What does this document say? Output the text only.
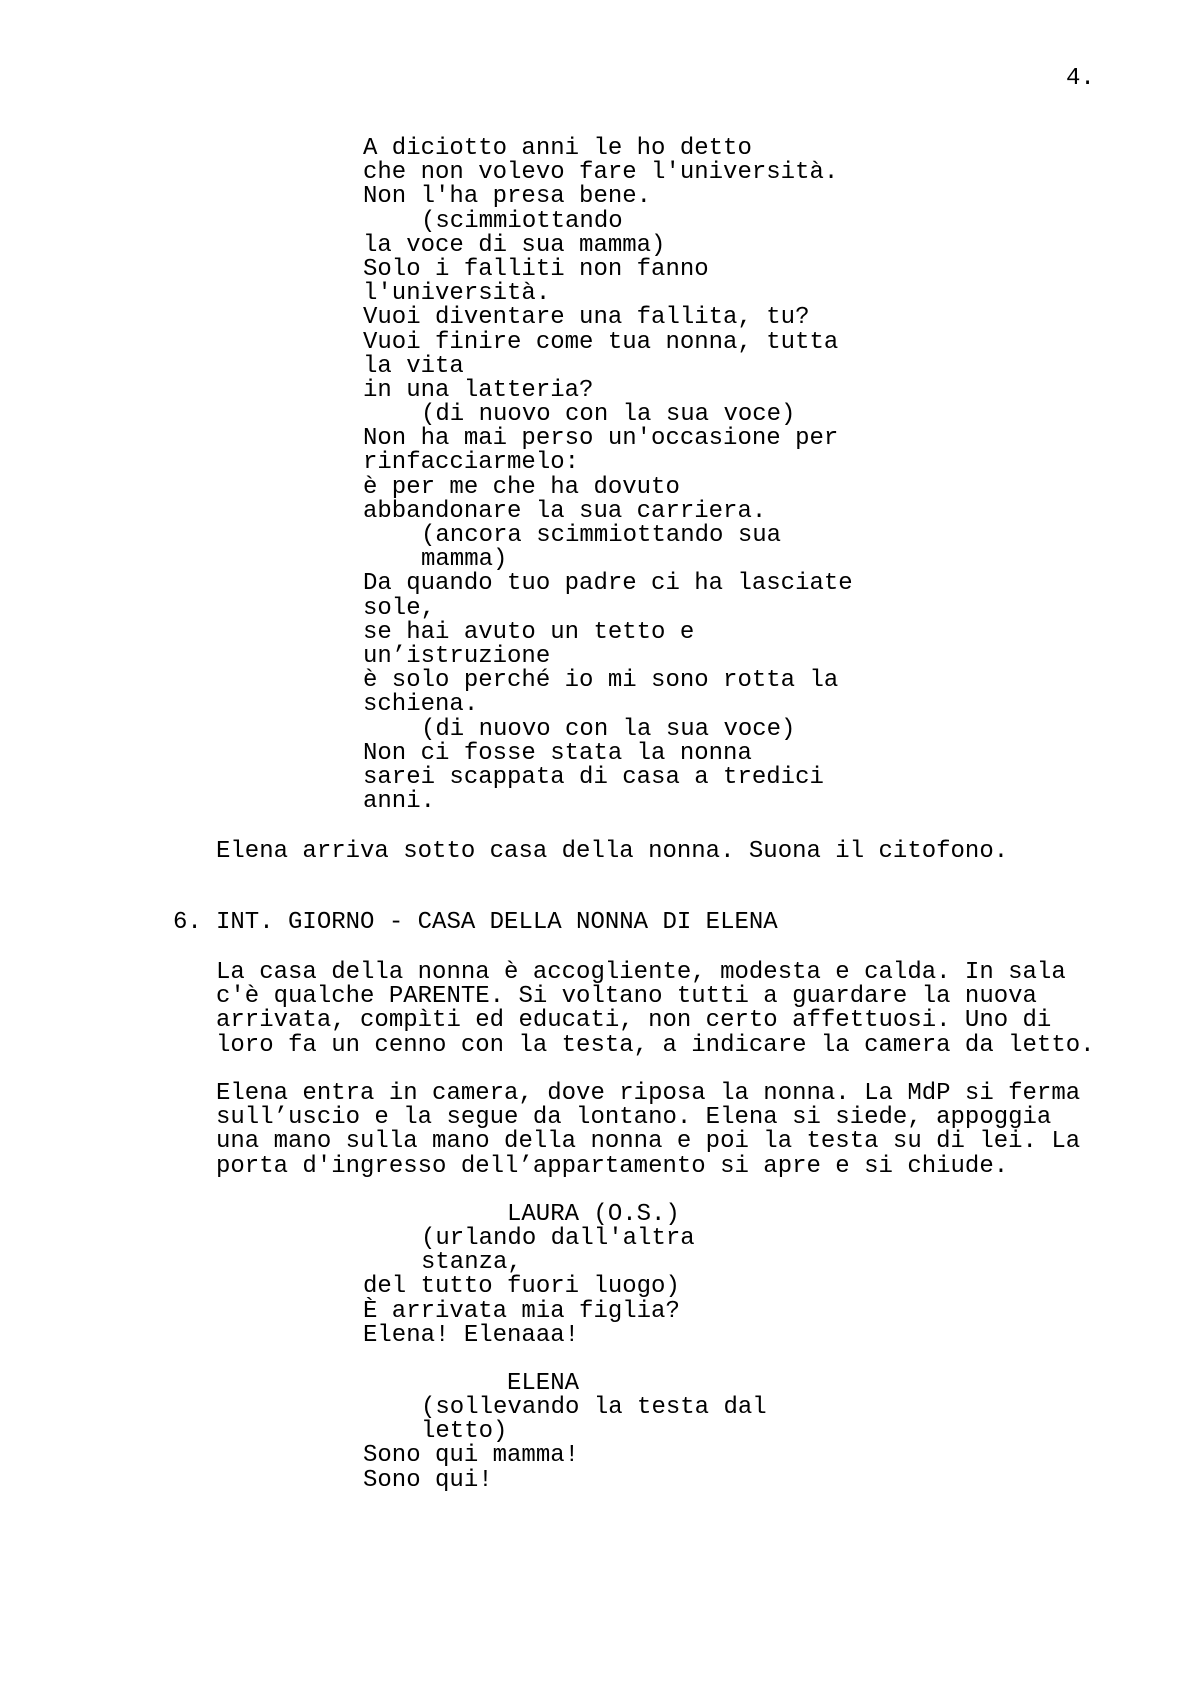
4.
A diciotto anni le ho detto
che non volevo fare l'università.
Non l'ha presa bene.
(scimmiottando
la voce di sua mamma)
Solo i falliti non fanno
l'università.
Vuoi diventare una fallita, tu?
Vuoi finire come tua nonna, tutta
la vita
in una latteria?
(di nuovo con la sua voce)
Non ha mai perso un'occasione per
rinfacciarmelo:
è per me che ha dovuto
abbandonare la sua carriera.
(ancora scimmiottando sua
mamma)
Da quando tuo padre ci ha lasciate
sole,
se hai avuto un tetto e
un’istruzione
è solo perché io mi sono rotta la
schiena.
(di nuovo con la sua voce)
Non ci fosse stata la nonna
sarei scappata di casa a tredici
anni.
Elena arriva sotto casa della nonna. Suona il citofono.
6. INT. GIORNO - CASA DELLA NONNA DI ELENA
La casa della nonna è accogliente, modesta e calda. In sala
c'è qualche PARENTE. Si voltano tutti a guardare la nuova
arrivata, compìti ed educati, non certo affettuosi. Uno di
loro fa un cenno con la testa, a indicare la camera da letto.
Elena entra in camera, dove riposa la nonna. La MdP si ferma
sull’uscio e la segue da lontano. Elena si siede, appoggia
una mano sulla mano della nonna e poi la testa su di lei. La
porta d'ingresso dell’appartamento si apre e si chiude.
LAURA (O.S.)
(urlando dall'altra
stanza,
del tutto fuori luogo)
È arrivata mia figlia?
Elena! Elenaaa!
ELENA
(sollevando la testa dal
letto)
Sono qui mamma!
Sono qui!
